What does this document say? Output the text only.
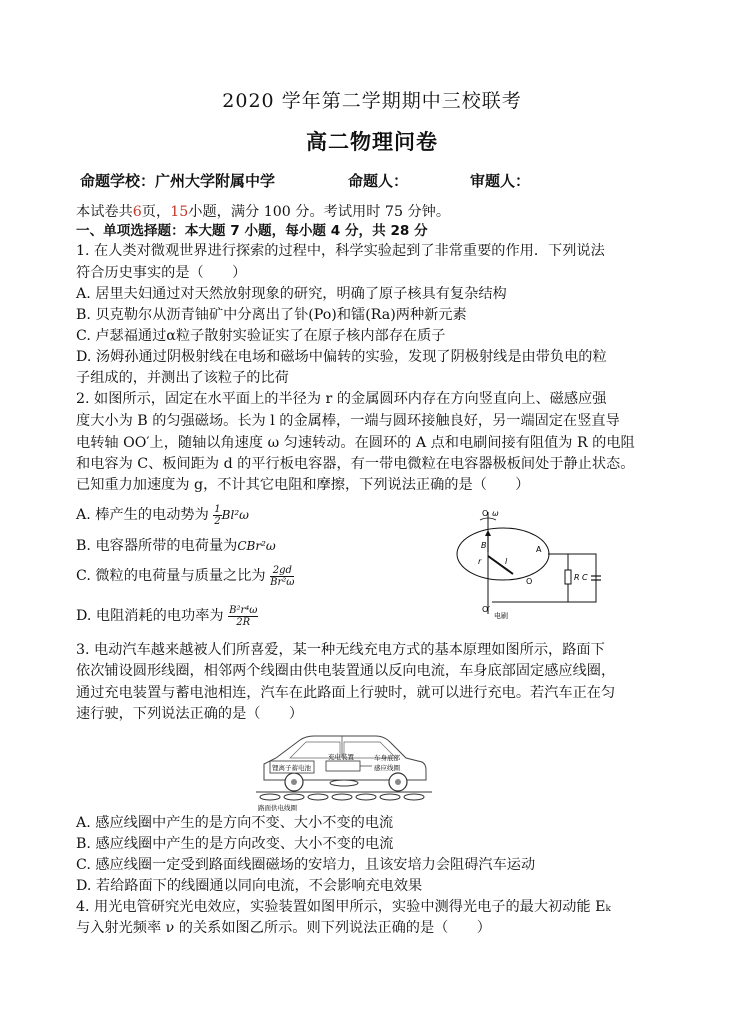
2020 学年第二学期期中三校联考
高二物理问卷
命题学校：广州大学附属中学	命题人：	审题人：
本试卷共6页，15小题，满分 100 分。考试用时 75 分钟。
一、单项选择题：本大题 7 小题，每小题 4 分，共 28 分
1. 在人类对微观世界进行探索的过程中，科学实验起到了非常重要的作用．下列说法
符合历史事实的是（　　）
A. 居里夫妇通过对天然放射现象的研究，明确了原子核具有复杂结构
B. 贝克勒尔从沥青铀矿中分离出了钋(Po)和镭(Ra)两种新元素
C. 卢瑟福通过α粒子散射实验证实了在原子核内部存在质子
D. 汤姆孙通过阴极射线在电场和磁场中偏转的实验，发现了阴极射线是由带负电的粒
子组成的，并测出了该粒子的比荷
2. 如图所示，固定在水平面上的半径为 r 的金属圆环内存在方向竖直向上、磁感应强
度大小为 B 的匀强磁场。长为 l 的金属棒，一端与圆环接触良好，另一端固定在竖直导
电转轴 OO′上，随轴以角速度 ω 匀速转动。在圆环的 A 点和电刷间接有阻值为 R 的电阻
和电容为 C、板间距为 d 的平行板电容器，有一带电微粒在电容器极板间处于静止状态。
已知重力加速度为 g，不计其它电阻和摩擦，下列说法正确的是（　　）
A. 棒产生的电动势为 $\frac{1}{2} Bl^2\omega$
B. 电容器所带的电荷量为CBr²ω
C. 微粒的电荷量与质量之比为 $\frac{2gd}{\text{Br²ω}}$
D. 电阻消耗的电功率为 $\frac{\text{B²r⁴ω}}{2R}$
O ω
B
r	l
O
A
R C
O′
电刷
3. 电动汽车越来越被人们所喜爱，某一种无线充电方式的基本原理如图所示，路面下
依次铺设圆形线圈，相邻两个线圈由供电装置通以反向电流，车身底部固定感应线圈，
通过充电装置与蓄电池相连，汽车在此路面上行驶时，就可以进行充电。若汽车正在匀
速行驶，下列说法正确的是（　　）
锂离子蓄电池
充电装置	车身底部
感应线圈
路面供电线圈
A. 感应线圈中产生的是方向不变、大小不变的电流
B. 感应线圈中产生的是方向改变、大小不变的电流
C. 感应线圈一定受到路面线圈磁场的安培力，且该安培力会阻碍汽车运动
D. 若给路面下的线圈通以同向电流，不会影响充电效果
4. 用光电管研究光电效应，实验装置如图甲所示，实验中测得光电子的最大初动能 Eₖ
与入射光频率 ν 的关系如图乙所示。则下列说法正确的是（　　）
